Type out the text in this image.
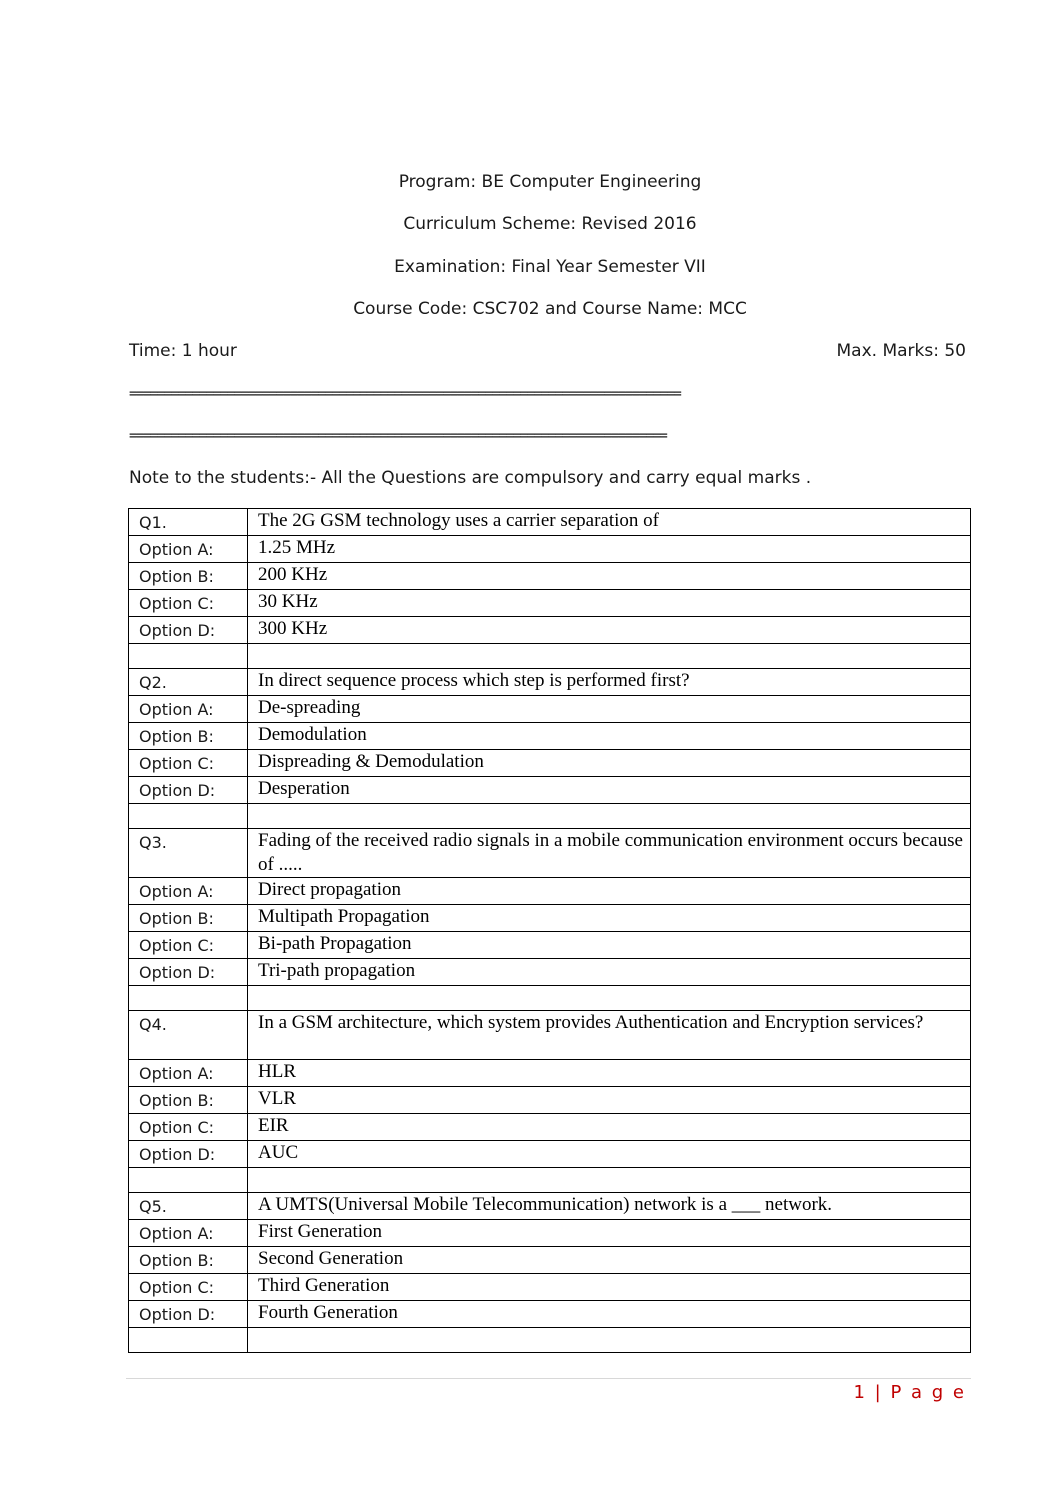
Program: BE Computer Engineering
Curriculum Scheme: Revised 2016
Examination: Final Year Semester VII
Course Code: CSC702 and Course Name: MCC
Time: 1 hour	Max. Marks: 50
===============================================================================
=============================================================================
Note to the students:- All the Questions are compulsory and carry equal marks .
Q1.	The 2G GSM technology uses a carrier separation of
Option A:	1.25 MHz
Option B:	200 KHz
Option C:	30 KHz
Option D:	300 KHz

Q2.	In direct sequence process which step is performed first?
Option A:	De-spreading
Option B:	Demodulation
Option C:	Dispreading & Demodulation
Option D:	Desperation

Q3.	Fading of the received radio signals in a mobile communication environment occurs because of .....
Option A:	Direct propagation
Option B:	Multipath Propagation
Option C:	Bi-path Propagation
Option D:	Tri-path propagation

Q4.	In a GSM architecture, which system provides Authentication and Encryption services?
Option A:	HLR
Option B:	VLR
Option C:	EIR
Option D:	AUC

Q5.	A UMTS(Universal Mobile Telecommunication) network is a ___ network.
Option A:	First Generation
Option B:	Second Generation
Option C:	Third Generation
Option D:	Fourth Generation

1 | P a g e
